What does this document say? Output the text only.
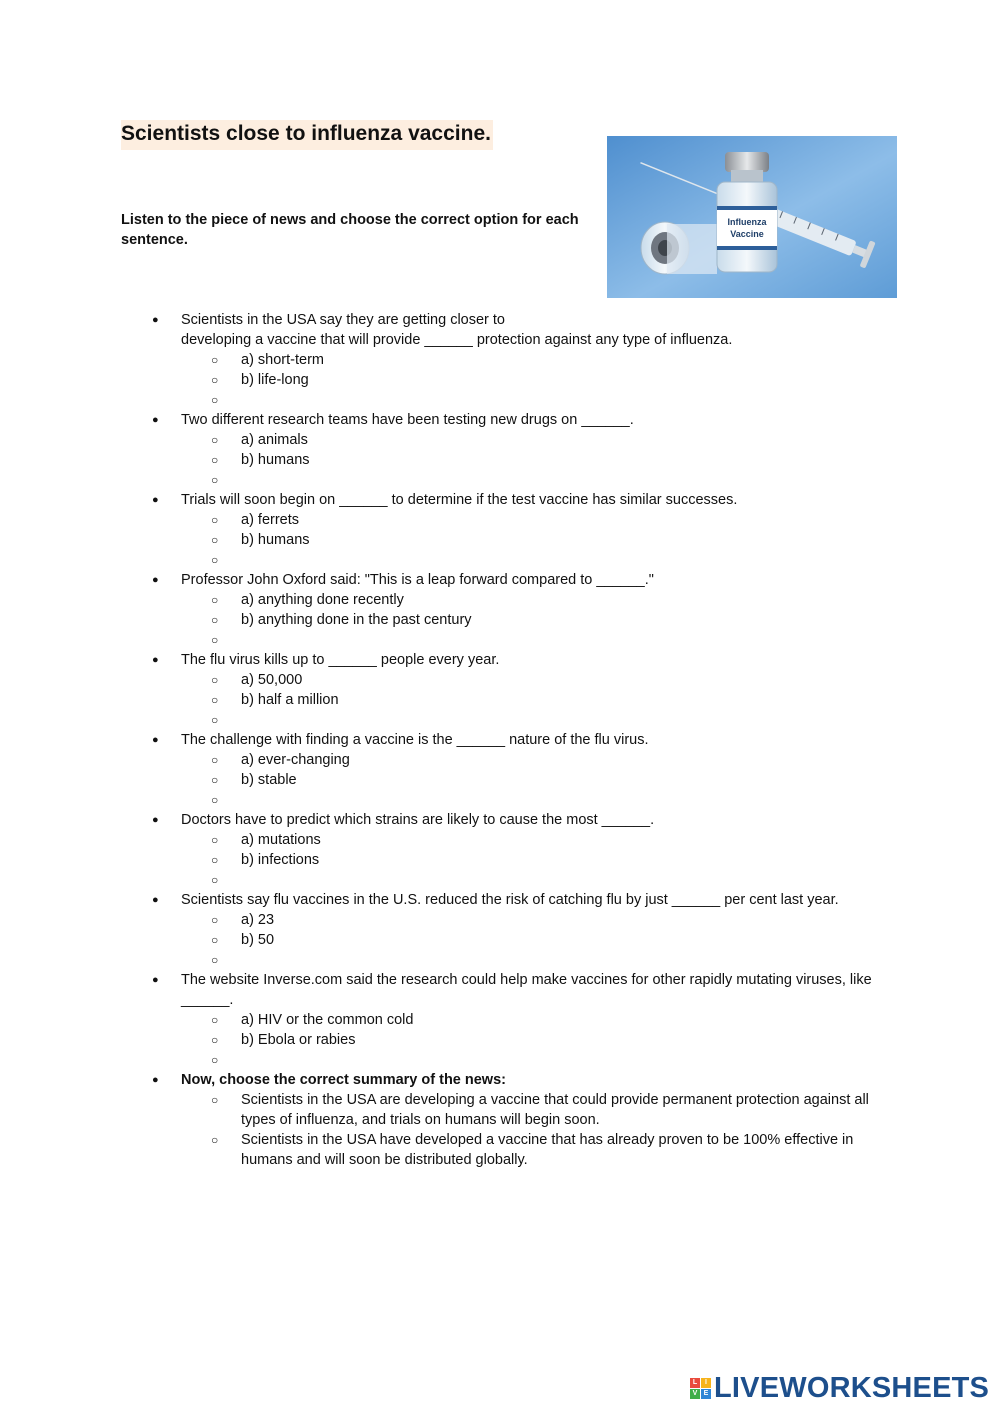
Scientists close to influenza vaccine.
Listen to the piece of news and choose the correct option for each sentence.
Influenza
Vaccine
● Scientists in the USA say they are getting closer to
developing a vaccine that will provide ______ protection against any type of influenza.
○ a) short-term
○ b) life-long
○
● Two different research teams have been testing new drugs on ______.
○ a) animals
○ b) humans
○
● Trials will soon begin on ______ to determine if the test vaccine has similar successes.
○ a) ferrets
○ b) humans
○
● Professor John Oxford said: "This is a leap forward compared to ______."
○ a) anything done recently
○ b) anything done in the past century
○
● The flu virus kills up to ______ people every year.
○ a) 50,000
○ b) half a million
○
● The challenge with finding a vaccine is the ______ nature of the flu virus.
○ a) ever-changing
○ b) stable
○
● Doctors have to predict which strains are likely to cause the most ______.
○ a) mutations
○ b) infections
○
● Scientists say flu vaccines in the U.S. reduced the risk of catching flu by just ______ per cent last year.
○ a) 23
○ b) 50
○
● The website Inverse.com said the research could help make vaccines for other rapidly mutating viruses, like ______.
○ a) HIV or the common cold
○ b) Ebola or rabies
○
● Now, choose the correct summary of the news:
○ Scientists in the USA are developing a vaccine that could provide permanent protection against all types of influenza, and trials on humans will begin soon.
○ Scientists in the USA have developed a vaccine that has already proven to be 100% effective in humans and will soon be distributed globally.
L	I
V E LIVEWORKSHEETS
